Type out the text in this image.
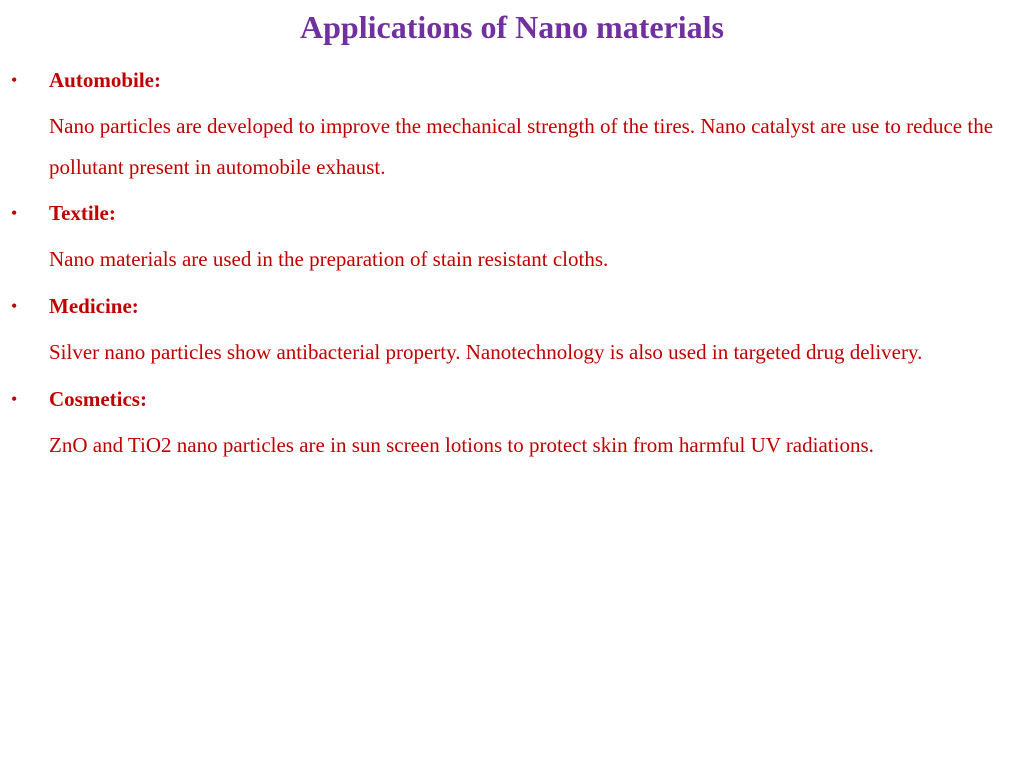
Applications of Nano materials
• Automobile:

Nano particles are developed to improve the mechanical strength of the tires. Nano catalyst are use to reduce the pollutant present in automobile exhaust.

• Textile:

Nano materials are used in the preparation of stain resistant cloths.

• Medicine:

Silver nano particles show antibacterial property. Nanotechnology is also used in targeted drug delivery.

• Cosmetics:

ZnO and TiO2 nano particles are in sun screen lotions to protect skin from harmful UV radiations.
